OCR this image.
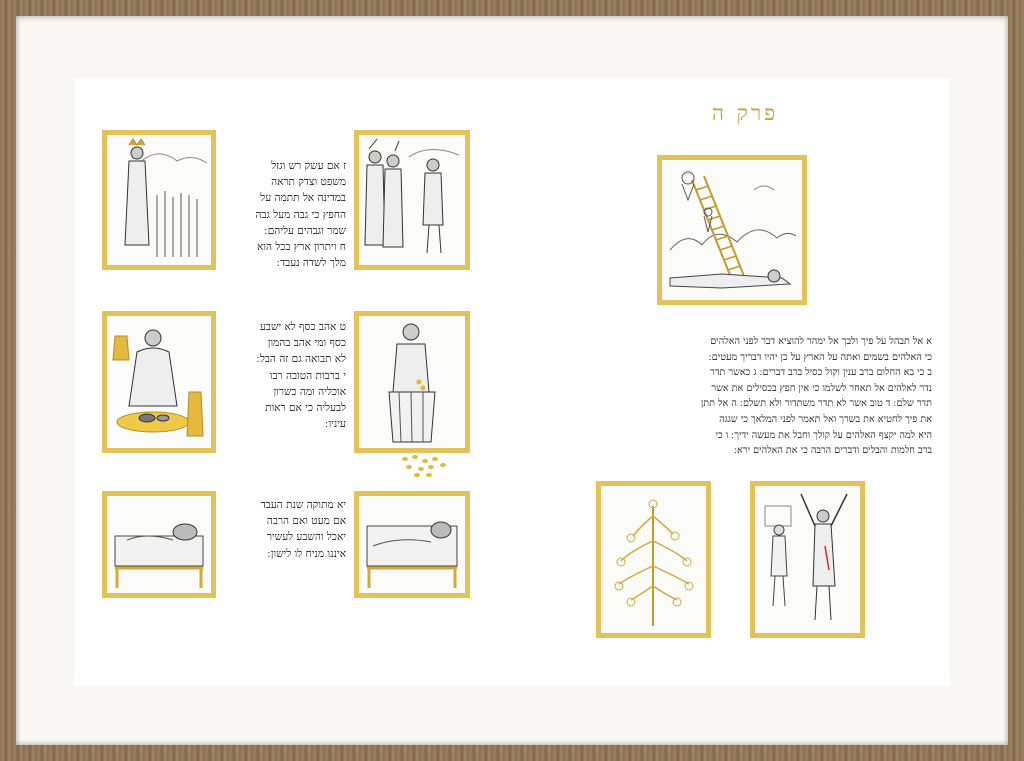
פרק ה
א אל תבהל על פיך ולבך אל ימהר להוציא דבר לפני האלהים
כי האלהים בשמים ואתה על הארץ על כן יהיו דבריך מעטים ׃
ב כי בא החלום ברב ענין וקול כסיל ברב דברים ׃ ג כאשר תדר
נדר לאלהים אל תאחר לשלמו כי אין חפץ בכסילים את אשר
תדר שלם ׃ ד טוב אשר לא תדר משתדור ולא תשלם ׃ ה אל תתן
את פיך לחטיא את בשרך ואל תאמר לפני המלאך כי שגגה
היא למה יקצף האלהים על קולך וחבל את מעשה ידיך ׃ ו כי
ברב חלמות והבלים ודברים הרבה כי את האלהים ירא ׃
ז אם עשק רש וגזל
משפט וצדק תראה
במדינה אל תתמה על
החפץ כי גבה מעל גבה
שמר וגבהים עליהם ׃
ח ויתרון ארץ בכל הוא
מלך לשדה נעבד ׃
ט אהב כסף לא ישבע
כסף ומי אהב בהמון
לא תבואה גם זה הבל ׃
י ברבות הטובה רבו
אוכליה ומה כשרון
לבעליה כי אם ראות
עיניו ׃
יא מתוקה שנת העבד
אם מעט ואם הרבה
יאכל והשבע לעשיר
איננו מניח לו לישון ׃
